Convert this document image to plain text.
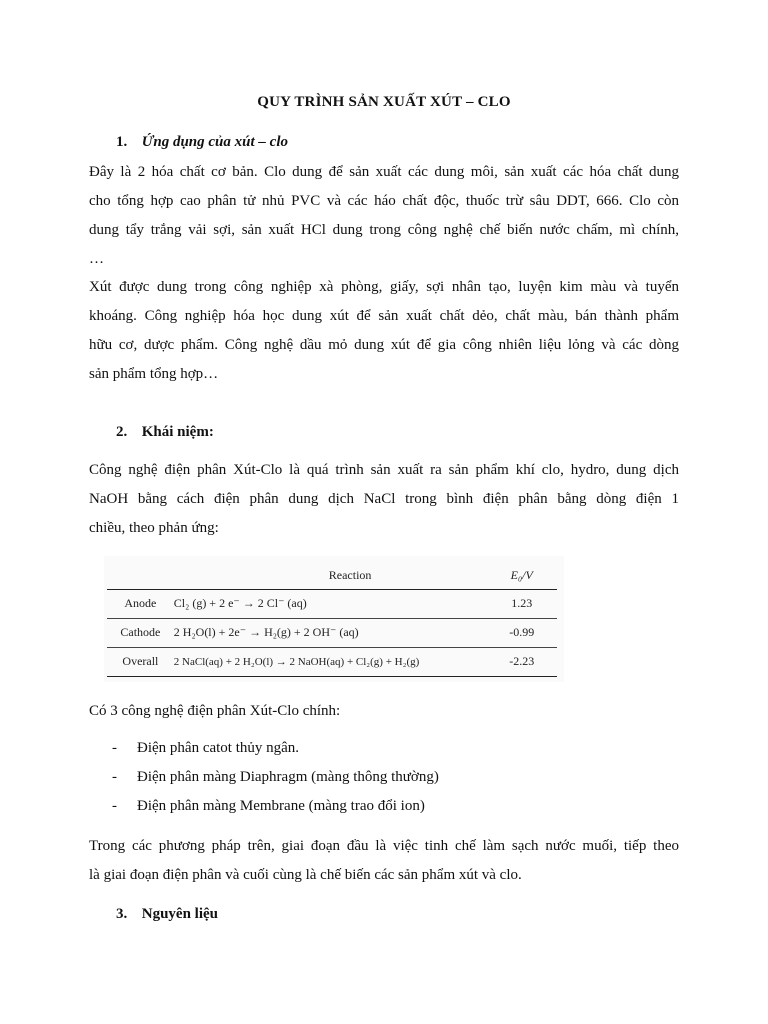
QUY TRÌNH SẢN XUẤT XÚT – CLO
1. Ứng dụng của xút – clo
Đây là 2 hóa chất cơ bản. Clo dung để sản xuất các dung môi, sản xuất các hóa chất dung
cho tổng hợp cao phân tử nhủ PVC và các háo chất độc, thuốc trừ sâu DDT, 666. Clo còn
dung tẩy trắng vải sợi, sản xuất HCl dung trong công nghệ chế biến nước chấm, mì chính,
…
Xút được dung trong công nghiệp xà phòng, giấy, sợi nhân tạo, luyện kim màu và tuyển
khoáng. Công nghiệp hóa học dung xút để sản xuất chất dẻo, chất màu, bán thành phẩm
hữu cơ, dược phẩm. Công nghệ dầu mỏ dung xút để gia công nhiên liệu lỏng và các dòng
sản phẩm tổng hợp…
2. Khái niệm:
Công nghệ điện phân Xút-Clo là quá trình sản xuất ra sản phẩm khí clo, hydro, dung dịch
NaOH bằng cách điện phân dung dịch NaCl trong bình điện phân bằng dòng điện 1
chiều, theo phản ứng:
	Reaction	E₀/V
Anode	Cl₂ (g) + 2 e⁻ → 2 Cl⁻ (aq)	1.23
Cathode	2 H₂O(l) + 2e⁻ → H₂(g) + 2 OH⁻ (aq)	-0.99
Overall	2 NaCl(aq) + 2 H₂O(l) → 2 NaOH(aq) + Cl₂(g) + H₂(g)	-2.23
Có 3 công nghệ điện phân Xút-Clo chính:
- Điện phân catot thủy ngân.
- Điện phân màng Diaphragm (màng thông thường)
- Điện phân màng Membrane (màng trao đổi ion)
Trong các phương pháp trên, giai đoạn đầu là việc tinh chế làm sạch nước muối, tiếp theo
là giai đoạn điện phân và cuối cùng là chế biến các sản phẩm xút và clo.
3. Nguyên liệu
